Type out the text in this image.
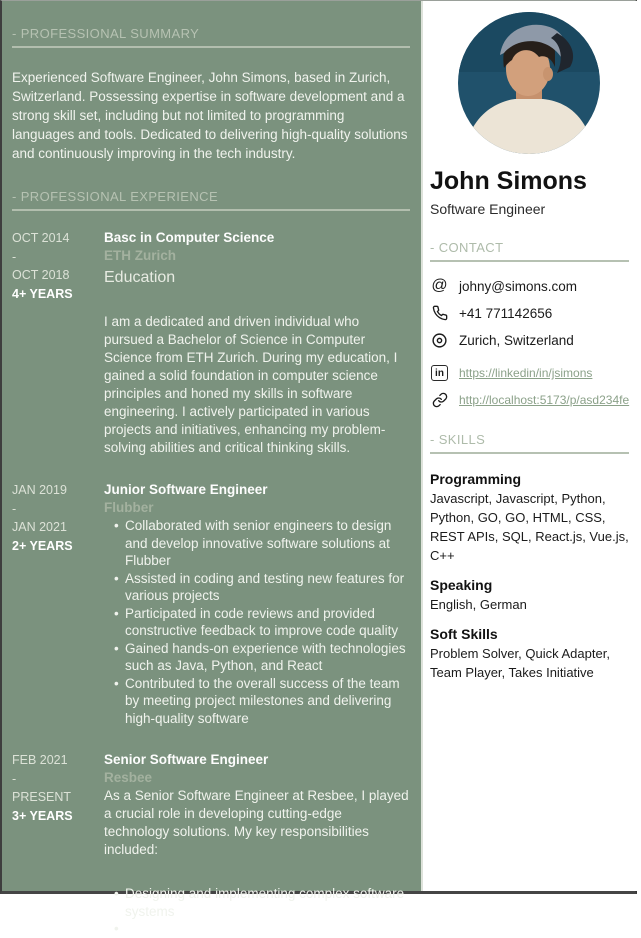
- PROFESSIONAL SUMMARY

Experienced Software Engineer, John Simons, based in Zurich, Switzerland. Possessing expertise in software development and a strong skill set, including but not limited to programming languages and tools. Dedicated to delivering high-quality solutions and continuously improving in the tech industry.

- PROFESSIONAL EXPERIENCE
OCT 2014
-
OCT 2018
4+ YEARS
Basc in Computer Science
ETH Zurich
Education

I am a dedicated and driven individual who pursued a Bachelor of Science in Computer Science from ETH Zurich. During my education, I gained a solid foundation in computer science principles and honed my skills in software engineering. I actively participated in various projects and initiatives, enhancing my problem-solving abilities and critical thinking skills.

JAN 2019
-
JAN 2021
2+ YEARS
Junior Software Engineer
Flubber
• Collaborated with senior engineers to design and develop innovative software solutions at Flubber
• Assisted in coding and testing new features for various projects
• Participated in code reviews and provided constructive feedback to improve code quality
• Gained hands-on experience with technologies such as Java, Python, and React
• Contributed to the overall success of the team by meeting project milestones and delivering high-quality software
FEB 2021
-
PRESENT
3+ YEARS
Senior Software Engineer
Resbee

As a Senior Software Engineer at Resbee, I played a crucial role in developing cutting-edge technology solutions. My key responsibilities included:

• Designing and implementing complex software systems
•
John Simons
Software Engineer
- CONTACT
@ johny@simons.com
+41 771142656
Zurich, Switzerland
in	https://linkedin/in/jsimons
http://localhost:5173/p/asd234fe
- SKILLS
Programming
Javascript, Javascript, Python, Python, GO, GO, HTML, CSS, REST APIs, SQL, React.js, Vue.js, C++
Speaking
English, German
Soft Skills
Problem Solver, Quick Adapter, Team Player, Takes Initiative
